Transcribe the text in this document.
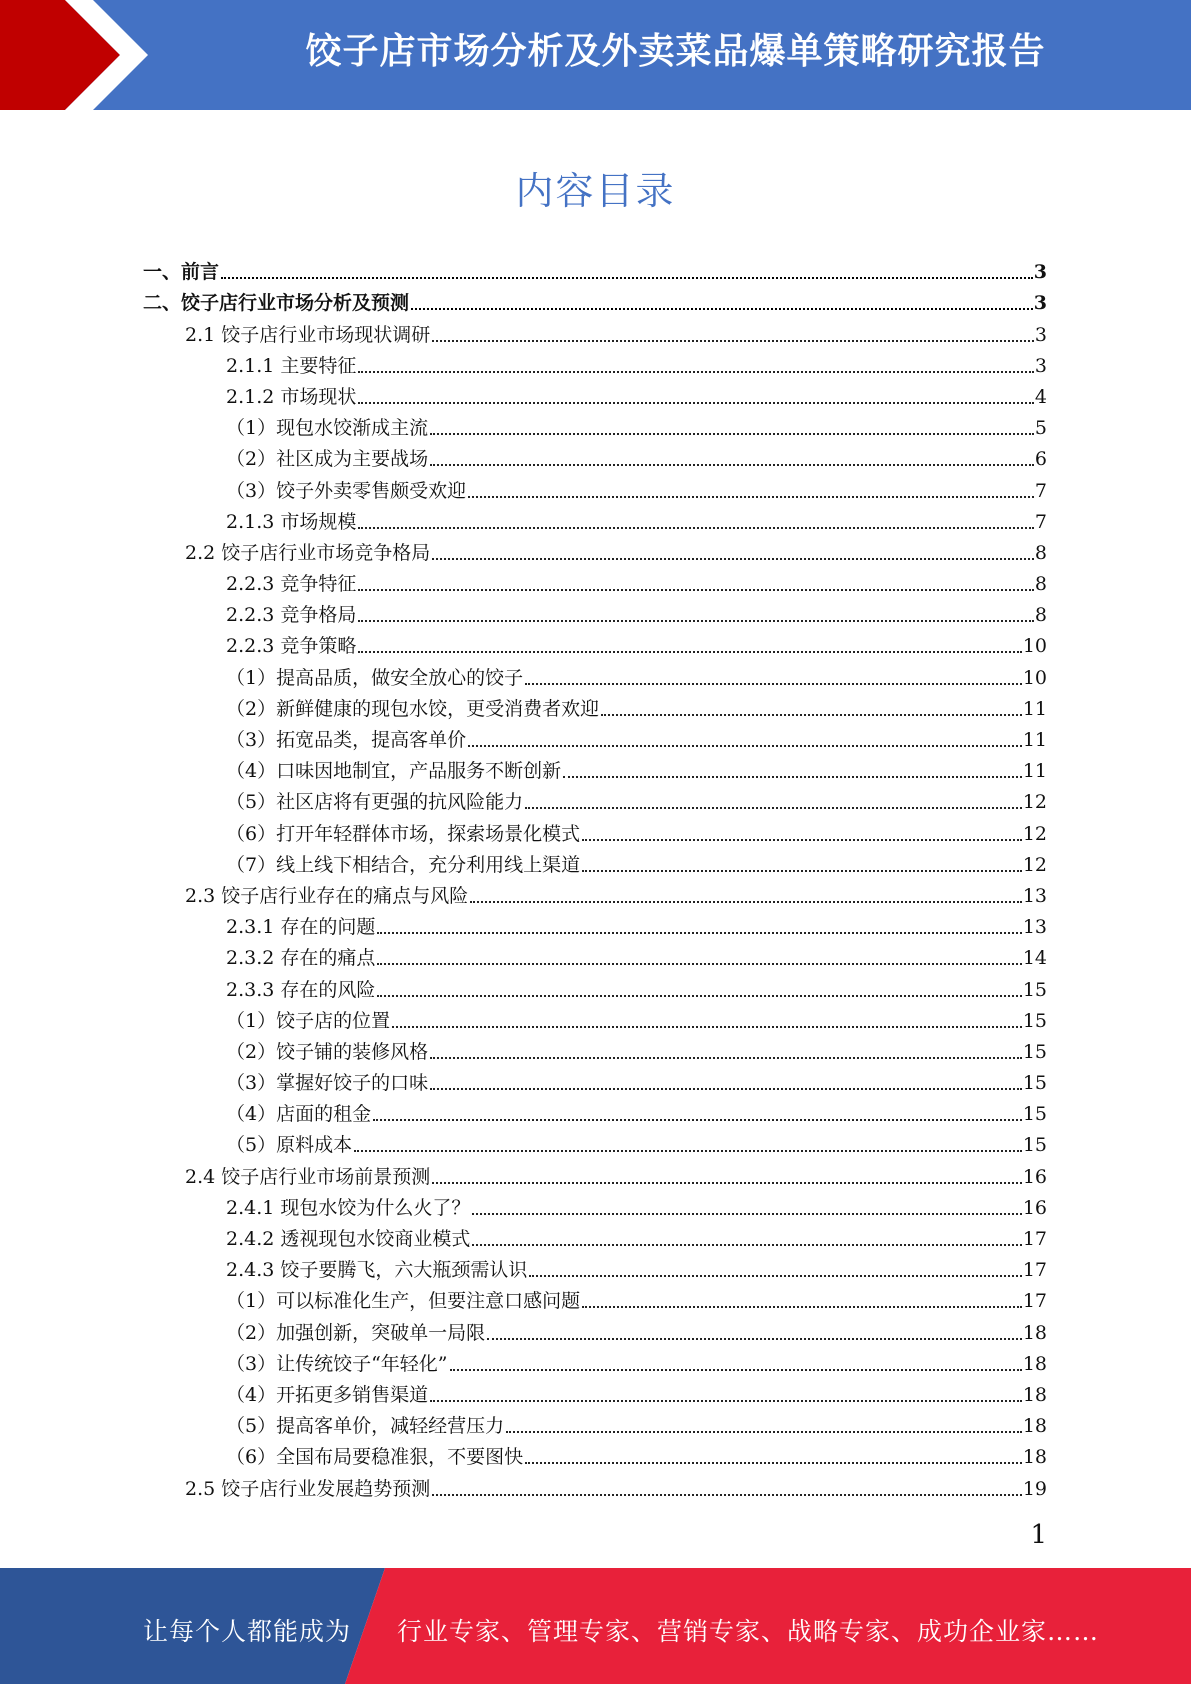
饺子店市场分析及外卖菜品爆单策略研究报告
内容目录
一、前言	3
二、饺子店行业市场分析及预测	3
2.1 饺子店行业市场现状调研	3
2.1.1 主要特征	3
2.1.2 市场现状	4
（1）现包水饺渐成主流	5
（2）社区成为主要战场	6
（3）饺子外卖零售颇受欢迎	7
2.1.3 市场规模	7
2.2 饺子店行业市场竞争格局	8
2.2.3 竞争特征	8
2.2.3 竞争格局	8
2.2.3 竞争策略	10
（1）提高品质，做安全放心的饺子	10
（2）新鲜健康的现包水饺，更受消费者欢迎	11
（3）拓宽品类，提高客单价	11
（4）口味因地制宜，产品服务不断创新	11
（5）社区店将有更强的抗风险能力	12
（6）打开年轻群体市场，探索场景化模式	12
（7）线上线下相结合，充分利用线上渠道	12
2.3 饺子店行业存在的痛点与风险	13
2.3.1 存在的问题	13
2.3.2 存在的痛点	14
2.3.3 存在的风险	15
（1）饺子店的位置	15
（2）饺子铺的装修风格	15
（3）掌握好饺子的口味	15
（4）店面的租金	15
（5）原料成本	15
2.4 饺子店行业市场前景预测	16
2.4.1 现包水饺为什么火了？	16
2.4.2 透视现包水饺商业模式	17
2.4.3 饺子要腾飞，六大瓶颈需认识	17
（1）可以标准化生产，但要注意口感问题	17
（2）加强创新，突破单一局限	18
（3）让传统饺子“年轻化”	18
（4）开拓更多销售渠道	18
（5）提高客单价，减轻经营压力	18
（6）全国布局要稳准狠，不要图快	18
2.5 饺子店行业发展趋势预测	19
1
让每个人都能成为 行业专家、管理专家、营销专家、战略专家、成功企业家……
